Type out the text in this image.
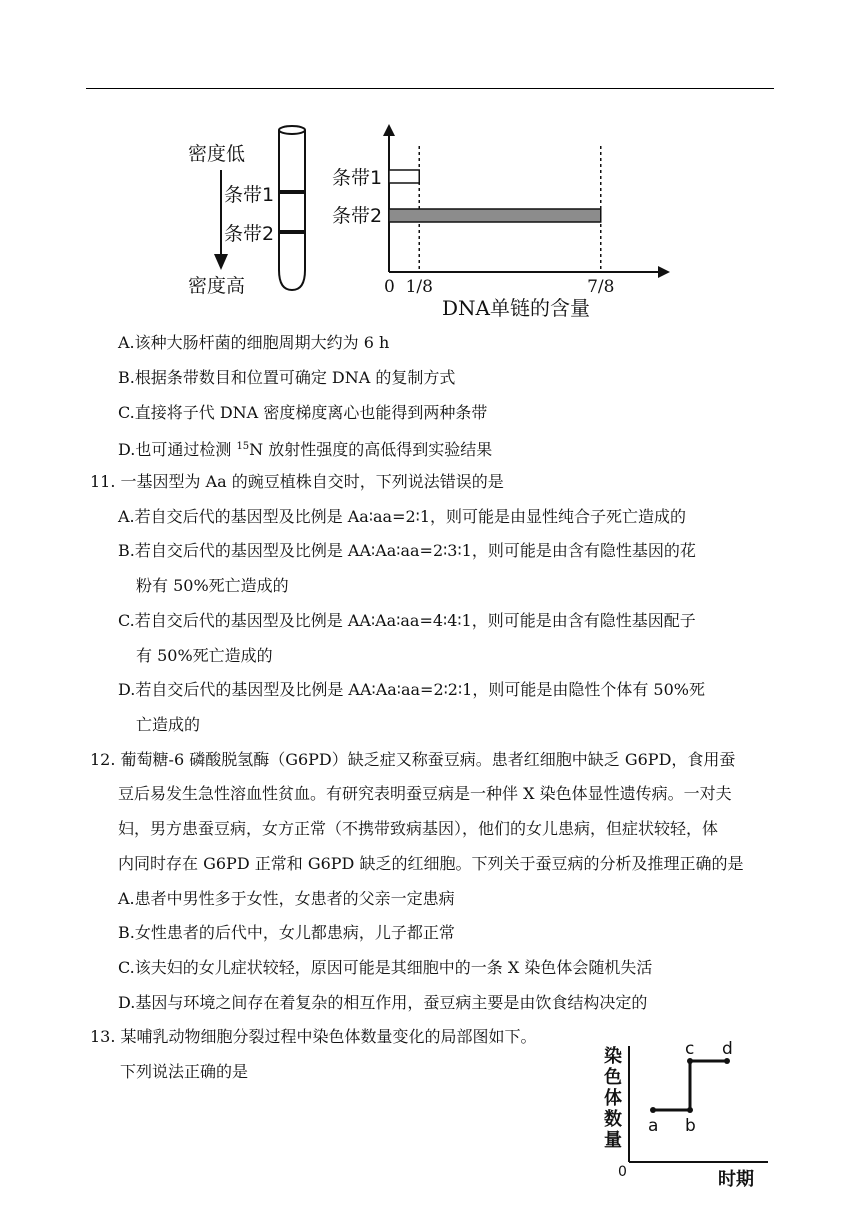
密度低
条带1
条带2
密度高
条带1
条带2
0 1/8	7/8
DNA单链的含量
A.该种大肠杆菌的细胞周期大约为 6 h
B.根据条带数目和位置可确定 DNA 的复制方式
C.直接将子代 DNA 密度梯度离心也能得到两种条带
D.也可通过检测 $^{15}$N 放射性强度的高低得到实验结果
11. 一基因型为 Aa 的豌豆植株自交时，下列说法错误的是
A.若自交后代的基因型及比例是 Aa∶aa=2∶1，则可能是由显性纯合子死亡造成的
B.若自交后代的基因型及比例是 AA∶Aa∶aa=2∶3∶1，则可能是由含有隐性基因的花
粉有 50%死亡造成的
C.若自交后代的基因型及比例是 AA∶Aa∶aa=4∶4∶1，则可能是由含有隐性基因配子
有 50%死亡造成的
D.若自交后代的基因型及比例是 AA∶Aa∶aa=2∶2∶1，则可能是由隐性个体有 50%死
亡造成的
12. 葡萄糖-6 磷酸脱氢酶（G6PD）缺乏症又称蚕豆病。患者红细胞中缺乏 G6PD，食用蚕
豆后易发生急性溶血性贫血。有研究表明蚕豆病是一种伴 X 染色体显性遗传病。一对夫
妇，男方患蚕豆病，女方正常（不携带致病基因），他们的女儿患病，但症状较轻，体
内同时存在 G6PD 正常和 G6PD 缺乏的红细胞。下列关于蚕豆病的分析及推理正确的是
A.患者中男性多于女性，女患者的父亲一定患病
B.女性患者的后代中，女儿都患病，儿子都正常
C.该夫妇的女儿症状较轻，原因可能是其细胞中的一条 X 染色体会随机失活
D.基因与环境之间存在着复杂的相互作用，蚕豆病主要是由饮食结构决定的
13. 某哺乳动物细胞分裂过程中染色体数量变化的局部图如下。
下列说法正确的是
染
色
体
数
量
0	时期
a b
c d
